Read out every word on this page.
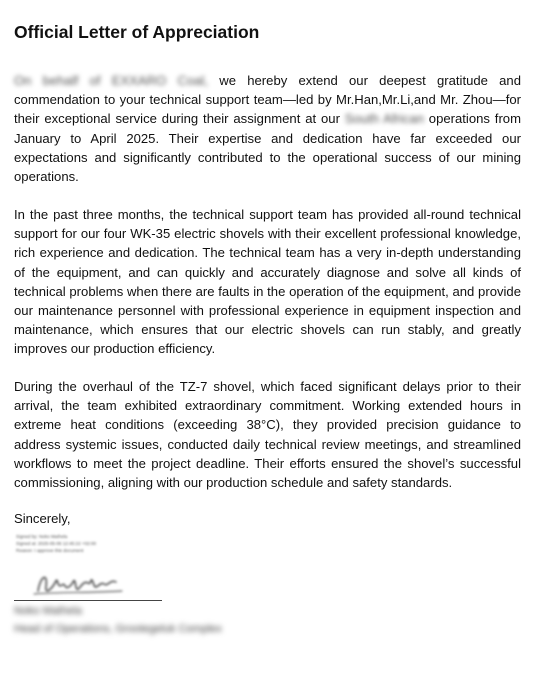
Official Letter of Appreciation

On behalf of EXXARO Coal, we hereby extend our deepest gratitude and commendation to your technical support team—led by Mr.Han,Mr.Li,and Mr. Zhou—for their exceptional service during their assignment at our South African operations from January to April 2025. Their expertise and dedication have far exceeded our expectations and significantly contributed to the operational success of our mining operations.

In the past three months, the technical support team has provided all-round technical support for our four WK-35 electric shovels with their excellent professional knowledge, rich experience and dedication. The technical team has a very in-depth understanding of the equipment, and can quickly and accurately diagnose and solve all kinds of technical problems when there are faults in the operation of the equipment, and provide our maintenance personnel with professional experience in equipment inspection and maintenance, which ensures that our electric shovels can run stably, and greatly improves our production efficiency.

During the overhaul of the TZ-7 shovel, which faced significant delays prior to their arrival, the team exhibited extraordinary commitment. Working extended hours in extreme heat conditions (exceeding 38°C), they provided precision guidance to address systemic issues, conducted daily technical review meetings, and streamlined workflows to meet the project deadline. Their efforts ensured the shovel’s successful commissioning, aligning with our production schedule and safety standards.

Sincerely,

Signed by: Noko Mathela
Signed at: 2025-05-06 12:45:22 +02:00
Reason: I approve this document

Noko Mathela

Head of Operations, Grootegeluk Complex
